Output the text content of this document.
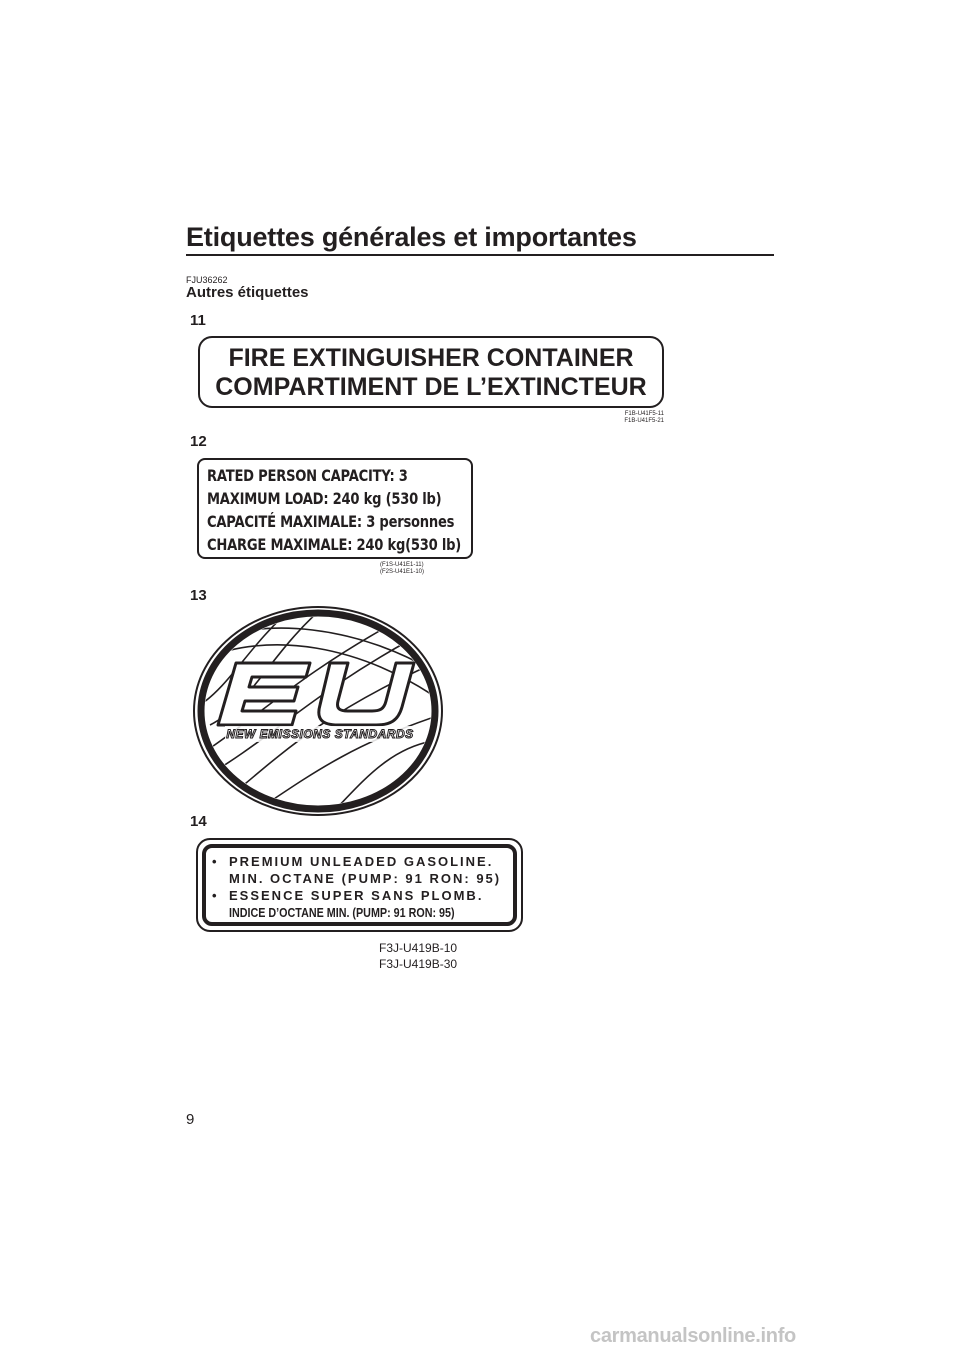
Etiquettes générales et importantes
FJU36262
Autres étiquettes
11
FIRE EXTINGUISHER CONTAINER
COMPARTIMENT DE L’EXTINCTEUR
F1B-U41F5-11
F1B-U41F5-21
12
RATED PERSON CAPACITY: 3
MAXIMUM LOAD: 240 kg (530 lb)
CAPACITÉ MAXIMALE: 3 personnes
CHARGE MAXIMALE: 240 kg(530 lb)
(F1S-U41E1-11)
(F2S-U41E1-10)
13
EU
NEW EMISSIONS STANDARDS
14
• PREMIUM UNLEADED GASOLINE.
MIN. OCTANE (PUMP: 91 RON: 95)
• ESSENCE SUPER SANS PLOMB.
INDICE D’OCTANE MIN. (PUMP: 91 RON: 95)
F3J-U419B-10
F3J-U419B-30
9
carmanualsonline.info
